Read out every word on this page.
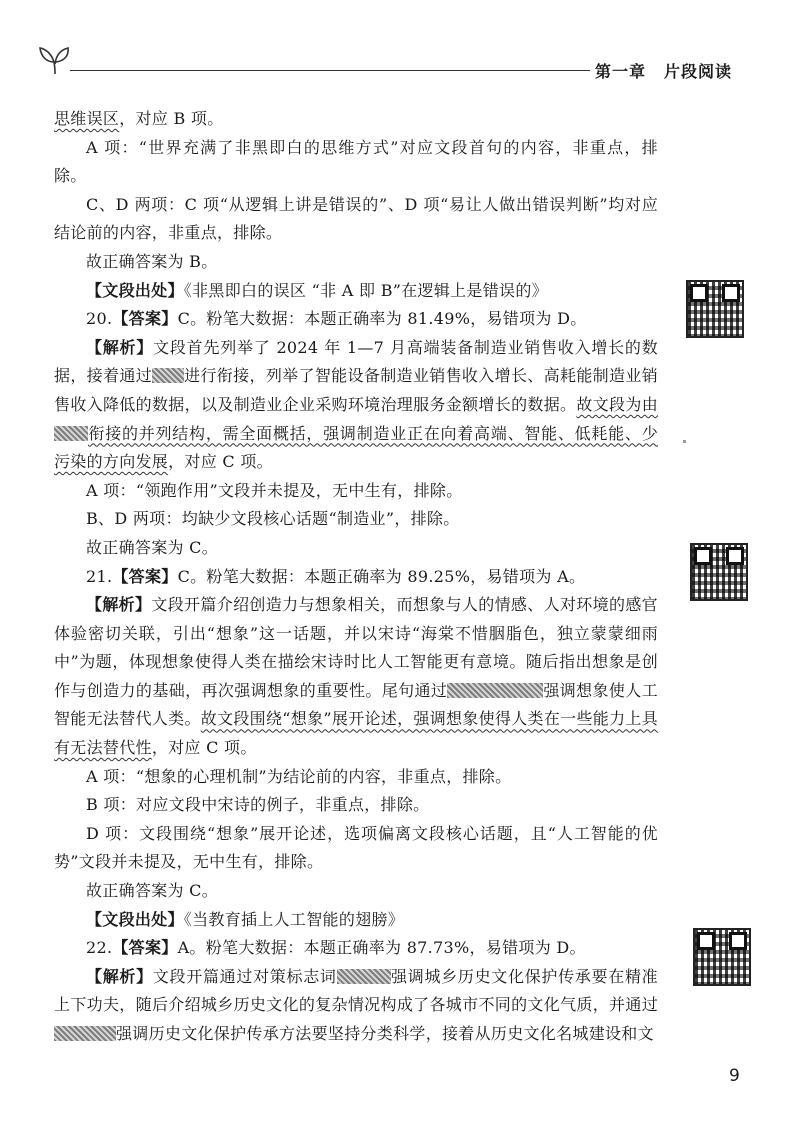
第一章 片段阅读

思维误区，对应 B 项。

A 项：“世界充满了非黑即白的思维方式”对应文段首句的内容，非重点，排除。

C、D 两项：C 项“从逻辑上讲是错误的”、D 项“易让人做出错误判断”均对应结论前的内容，非重点，排除。

故正确答案为 B。

【文段出处】《非黑即白的误区 “非 A 即 B”在逻辑上是错误的》

20.【答案】C。粉笔大数据：本题正确率为 81.49%，易错项为 D。

【解析】文段首先列举了 2024 年 1—7 月高端装备制造业销售收入增长的数据，接着通过 进行衔接，列举了智能设备制造业销售收入增长、高耗能制造业销售收入降低的数据，以及制造业企业采购环境治理服务金额增长的数据。故文段为由衔接的并列结构，需全面概括，强调制造业正在向着高端、智能、低耗能、少污染的方向发展，对应 C 项。

A 项：“领跑作用”文段并未提及，无中生有，排除。

B、D 两项：均缺少文段核心话题“制造业”，排除。

故正确答案为 C。

21.【答案】C。粉笔大数据：本题正确率为 89.25%，易错项为 A。

【解析】文段开篇介绍创造力与想象相关，而想象与人的情感、人对环境的感官体验密切关联，引出“想象”这一话题，并以宋诗“海棠不惜胭脂色，独立蒙蒙细雨中”为题，体现想象使得人类在描绘宋诗时比人工智能更有意境。随后指出想象是创作与创造力的基础，再次强调想象的重要性。尾句通过	强调想象使人工智能无法替代人类。故文段围绕“想象”展开论述，强调想象使得人类在一些能力上具有无法替代性，对应 C 项。

A 项：“想象的心理机制”为结论前的内容，非重点，排除。

B 项：对应文段中宋诗的例子，非重点，排除。

D 项：文段围绕“想象”展开论述，选项偏离文段核心话题，且“人工智能的优势”文段并未提及，无中生有，排除。

故正确答案为 C。

【文段出处】《当教育插上人工智能的翅膀》

22.【答案】A。粉笔大数据：本题正确率为 87.73%，易错项为 D。

【解析】文段开篇通过对策标志词	强调城乡历史文化保护传承要在精准上下功夫，随后介绍城乡历史文化的复杂情况构成了各城市不同的文化气质，并通过强调历史文化保护传承方法要坚持分类科学，接着从历史文化名城建设和文

9
